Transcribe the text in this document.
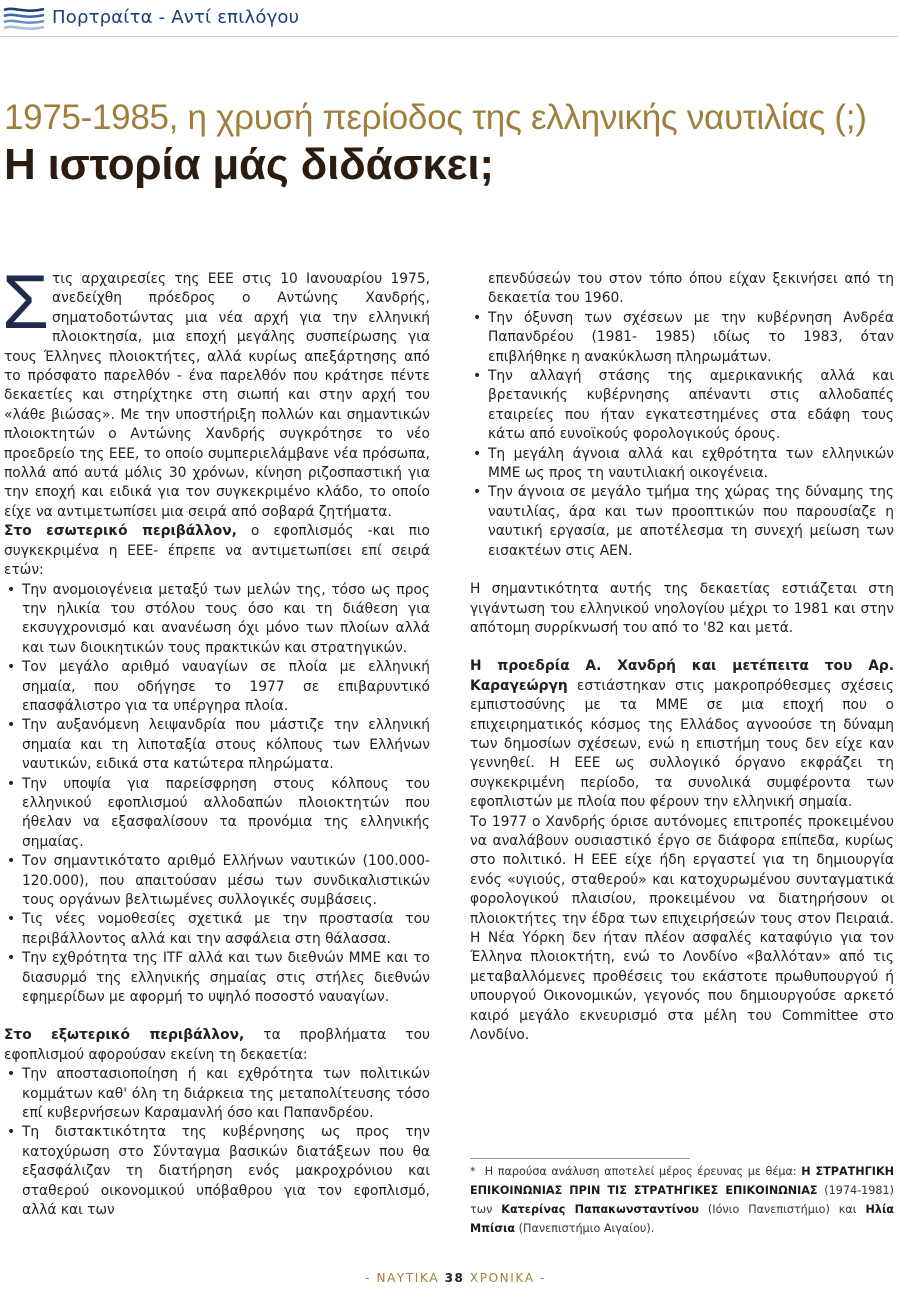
Πορτραίτα - Αντί επιλόγου
1975-1985, η χρυσή περίοδος της ελληνικής ναυτιλίας (;)
Η ιστορία μάς διδάσκει;

Στις αρχαιρεσίες της ΕΕΕ στις 10 Ιανουαρίου 1975, ανεδείχθη πρόεδρος ο Αντώνης Χανδρής, σηματοδοτώντας μια νέα αρχή για την ελληνική πλοιοκτησία, μια εποχή μεγάλης συσπείρωσης για τους Έλληνες πλοιοκτήτες, αλλά κυρίως απεξάρτησης από το πρόσφατο παρελθόν - ένα παρελθόν που κράτησε πέντε δεκαετίες και στηρίχτηκε στη σιωπή και στην αρχή του «λάθε βιώσας». Με την υποστήριξη πολλών και σημαντικών πλοιοκτητών ο Αντώνης Χανδρής συγκρότησε το νέο προεδρείο της ΕΕΕ, το οποίο συμπεριελάμβανε νέα πρόσωπα, πολλά από αυτά μόλις 30 χρόνων, κίνηση ριζοσπαστική για την εποχή και ειδικά για τον συγκεκριμένο κλάδο, το οποίο είχε να αντιμετωπίσει μια σειρά από σοβαρά ζητήματα.

Στο εσωτερικό περιβάλλον, ο εφοπλισμός -και πιο συγκεκριμένα η ΕΕΕ- έπρεπε να αντιμετωπίσει επί σειρά ετών:

• Την ανομοιογένεια μεταξύ των μελών της, τόσο ως προς την ηλικία του στόλου τους όσο και τη διάθεση για εκσυγχρονισμό και ανανέωση όχι μόνο των πλοίων αλλά και των διοικητικών τους πρακτικών και στρατηγικών.
• Τον μεγάλο αριθμό ναυαγίων σε πλοία με ελληνική σημαία, που οδήγησε το 1977 σε επιβαρυντικό επασφάλιστρο για τα υπέργηρα πλοία.
• Την αυξανόμενη λειψανδρία που μάστιζε την ελληνική σημαία και τη λιποταξία στους κόλπους των Ελλήνων ναυτικών, ειδικά στα κατώτερα πληρώματα.
• Την υποψία για παρείσφρηση στους κόλπους του ελληνικού εφοπλισμού αλλοδαπών πλοιοκτητών που ήθελαν να εξασφαλίσουν τα προνόμια της ελληνικής σημαίας.
• Τον σημαντικότατο αριθμό Ελλήνων ναυτικών (100.000-120.000), που απαιτούσαν μέσω των συνδικαλιστικών τους οργάνων βελτιωμένες συλλογικές συμβάσεις.
• Τις νέες νομοθεσίες σχετικά με την προστασία του περιβάλλοντος αλλά και την ασφάλεια στη θάλασσα.
• Την εχθρότητα της ITF αλλά και των διεθνών ΜΜΕ και το διασυρμό της ελληνικής σημαίας στις στήλες διεθνών εφημερίδων με αφορμή το υψηλό ποσοστό ναυαγίων.

Στο εξωτερικό περιβάλλον, τα προβλήματα του εφοπλισμού αφορούσαν εκείνη τη δεκαετία:

• Την αποστασιοποίηση ή και εχθρότητα των πολιτικών κομμάτων καθ' όλη τη διάρκεια της μεταπολίτευσης τόσο επί κυβερνήσεων Καραμανλή όσο και Παπανδρέου.
• Τη διστακτικότητα της κυβέρνησης ως προς την κατοχύρωση στο Σύνταγμα βασικών διατάξεων που θα εξασφάλιζαν τη διατήρηση ενός μακροχρόνιου και σταθερού οικονομικού υπόβαθρου για τον εφοπλισμό, αλλά και των

επενδύσεών του στον τόπο όπου είχαν ξεκινήσει από τη δεκαετία του 1960.

• Την όξυνση των σχέσεων με την κυβέρνηση Ανδρέα Παπανδρέου (1981- 1985) ιδίως το 1983, όταν επιβλήθηκε η ανακύκλωση πληρωμάτων.
• Την αλλαγή στάσης της αμερικανικής αλλά και βρετανικής κυβέρνησης απέναντι στις αλλοδαπές εταιρείες που ήταν εγκατεστημένες στα εδάφη τους κάτω από ευνοϊκούς φορολογικούς όρους.
• Τη μεγάλη άγνοια αλλά και εχθρότητα των ελληνικών ΜΜΕ ως προς τη ναυτιλιακή οικογένεια.
• Την άγνοια σε μεγάλο τμήμα της χώρας της δύναμης της ναυτιλίας, άρα και των προοπτικών που παρουσίαζε η ναυτική εργασία, με αποτέλεσμα τη συνεχή μείωση των εισακτέων στις ΑΕΝ.

Η σημαντικότητα αυτής της δεκαετίας εστιάζεται στη γιγάντωση του ελληνικού νηολογίου μέχρι το 1981 και στην απότομη συρρίκνωσή του από το '82 και μετά.

Η προεδρία Α. Χανδρή και μετέπειτα του Αρ. Καραγεώργη εστιάστηκαν στις μακροπρόθεσμες σχέσεις εμπιστοσύνης με τα ΜΜΕ σε μια εποχή που ο επιχειρηματικός κόσμος της Ελλάδος αγνοούσε τη δύναμη των δημοσίων σχέσεων, ενώ η επιστήμη τους δεν είχε καν γεννηθεί. Η ΕΕΕ ως συλλογικό όργανο εκφράζει τη συγκεκριμένη περίοδο, τα συνολικά συμφέροντα των εφοπλιστών με πλοία που φέρουν την ελληνική σημαία.

Το 1977 ο Χανδρής όρισε αυτόνομες επιτροπές προκειμένου να αναλάβουν ουσιαστικό έργο σε διάφορα επίπεδα, κυρίως στο πολιτικό. Η ΕΕΕ είχε ήδη εργαστεί για τη δημιουργία ενός «υγιούς, σταθερού» και κατοχυρωμένου συνταγματικά φορολογικού πλαισίου, προκειμένου να διατηρήσουν οι πλοιοκτήτες την έδρα των επιχειρήσεών τους στον Πειραιά. Η Νέα Υόρκη δεν ήταν πλέον ασφαλές καταφύγιο για τον Έλληνα πλοιοκτήτη, ενώ το Λονδίνο «βαλλόταν» από τις μεταβαλλόμενες προθέσεις του εκάστοτε πρωθυπουργού ή υπουργού Οικονομικών, γεγονός που δημιουργούσε αρκετό καιρό μεγάλο εκνευρισμό στα μέλη του Committee στο Λονδίνο.

* Η παρούσα ανάλυση αποτελεί μέρος έρευνας με θέμα: Η ΣΤΡΑΤΗΓΙΚΗ ΕΠΙΚΟΙΝΩΝΙΑΣ ΠΡΙΝ ΤΙΣ ΣΤΡΑΤΗΓΙΚΕΣ ΕΠΙΚΟΙΝΩΝΙΑΣ (1974-1981) των Κατερίνας Παπακωνσταντίνου (Ιόνιο Πανεπιστήμιο) και Ηλία Μπίσια (Πανεπιστήμιο Αιγαίου).
- ΝΑΥΤΙΚΑ 38 ΧΡΟΝΙΚΑ -
